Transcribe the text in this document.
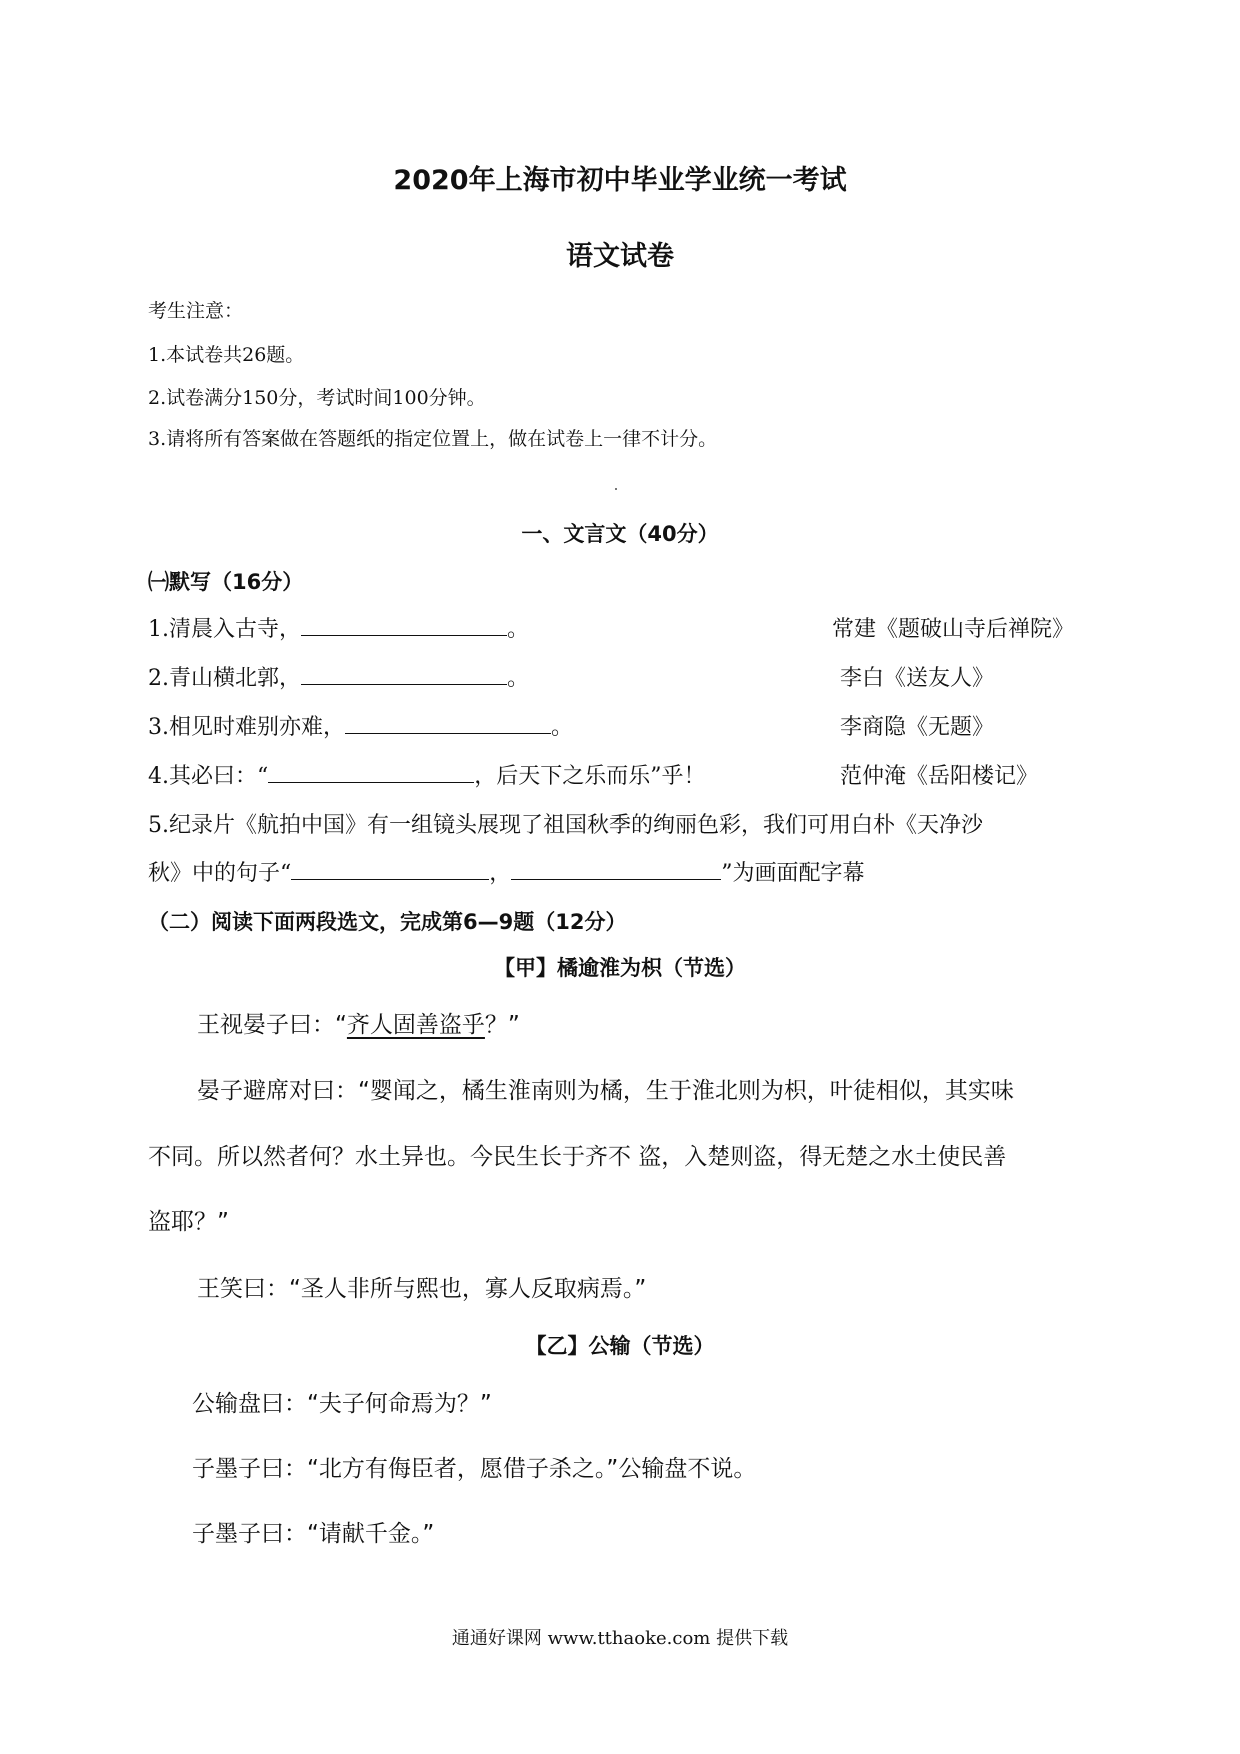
2020年上海市初中毕业学业统一考试
语文试卷
考生注意：
1.本试卷共26题。
2.试卷满分150分，考试时间100分钟。
3.请将所有答案做在答题纸的指定位置上，做在试卷上一律不计分。
一、文言文（40分）
㈠默写（16分）
1.清晨入古寺，	。	常建《题破山寺后禅院》
2.青山横北郭，	。	李白《送友人》
3.相见时难别亦难，	。	李商隐《无题》
4.其必曰：“	，后天下之乐而乐”乎！	范仲淹《岳阳楼记》
5.纪录片《航拍中国》有一组镜头展现了祖国秋季的绚丽色彩，我们可用白朴《天净沙
秋》中的句子“	，	”为画面配字幕
（二）阅读下面两段选文，完成第6—9题（12分）
【甲】橘逾淮为枳（节选）
王视晏子曰：“齐人固善盗乎？”
晏子避席对曰：“婴闻之，橘生淮南则为橘，生于淮北则为枳，叶徒相似，其实味
不同。所以然者何？水土异也。今民生长于齐不 盗，入楚则盗，得无楚之水土使民善
盗耶？”
王笑曰：“圣人非所与熙也，寡人反取病焉。”
【乙】公输（节选）
公输盘曰：“夫子何命焉为？”
子墨子曰：“北方有侮臣者，愿借子杀之。”公输盘不说。
子墨子曰：“请献千金。”
通通好课网 www.tthaoke.com 提供下载
